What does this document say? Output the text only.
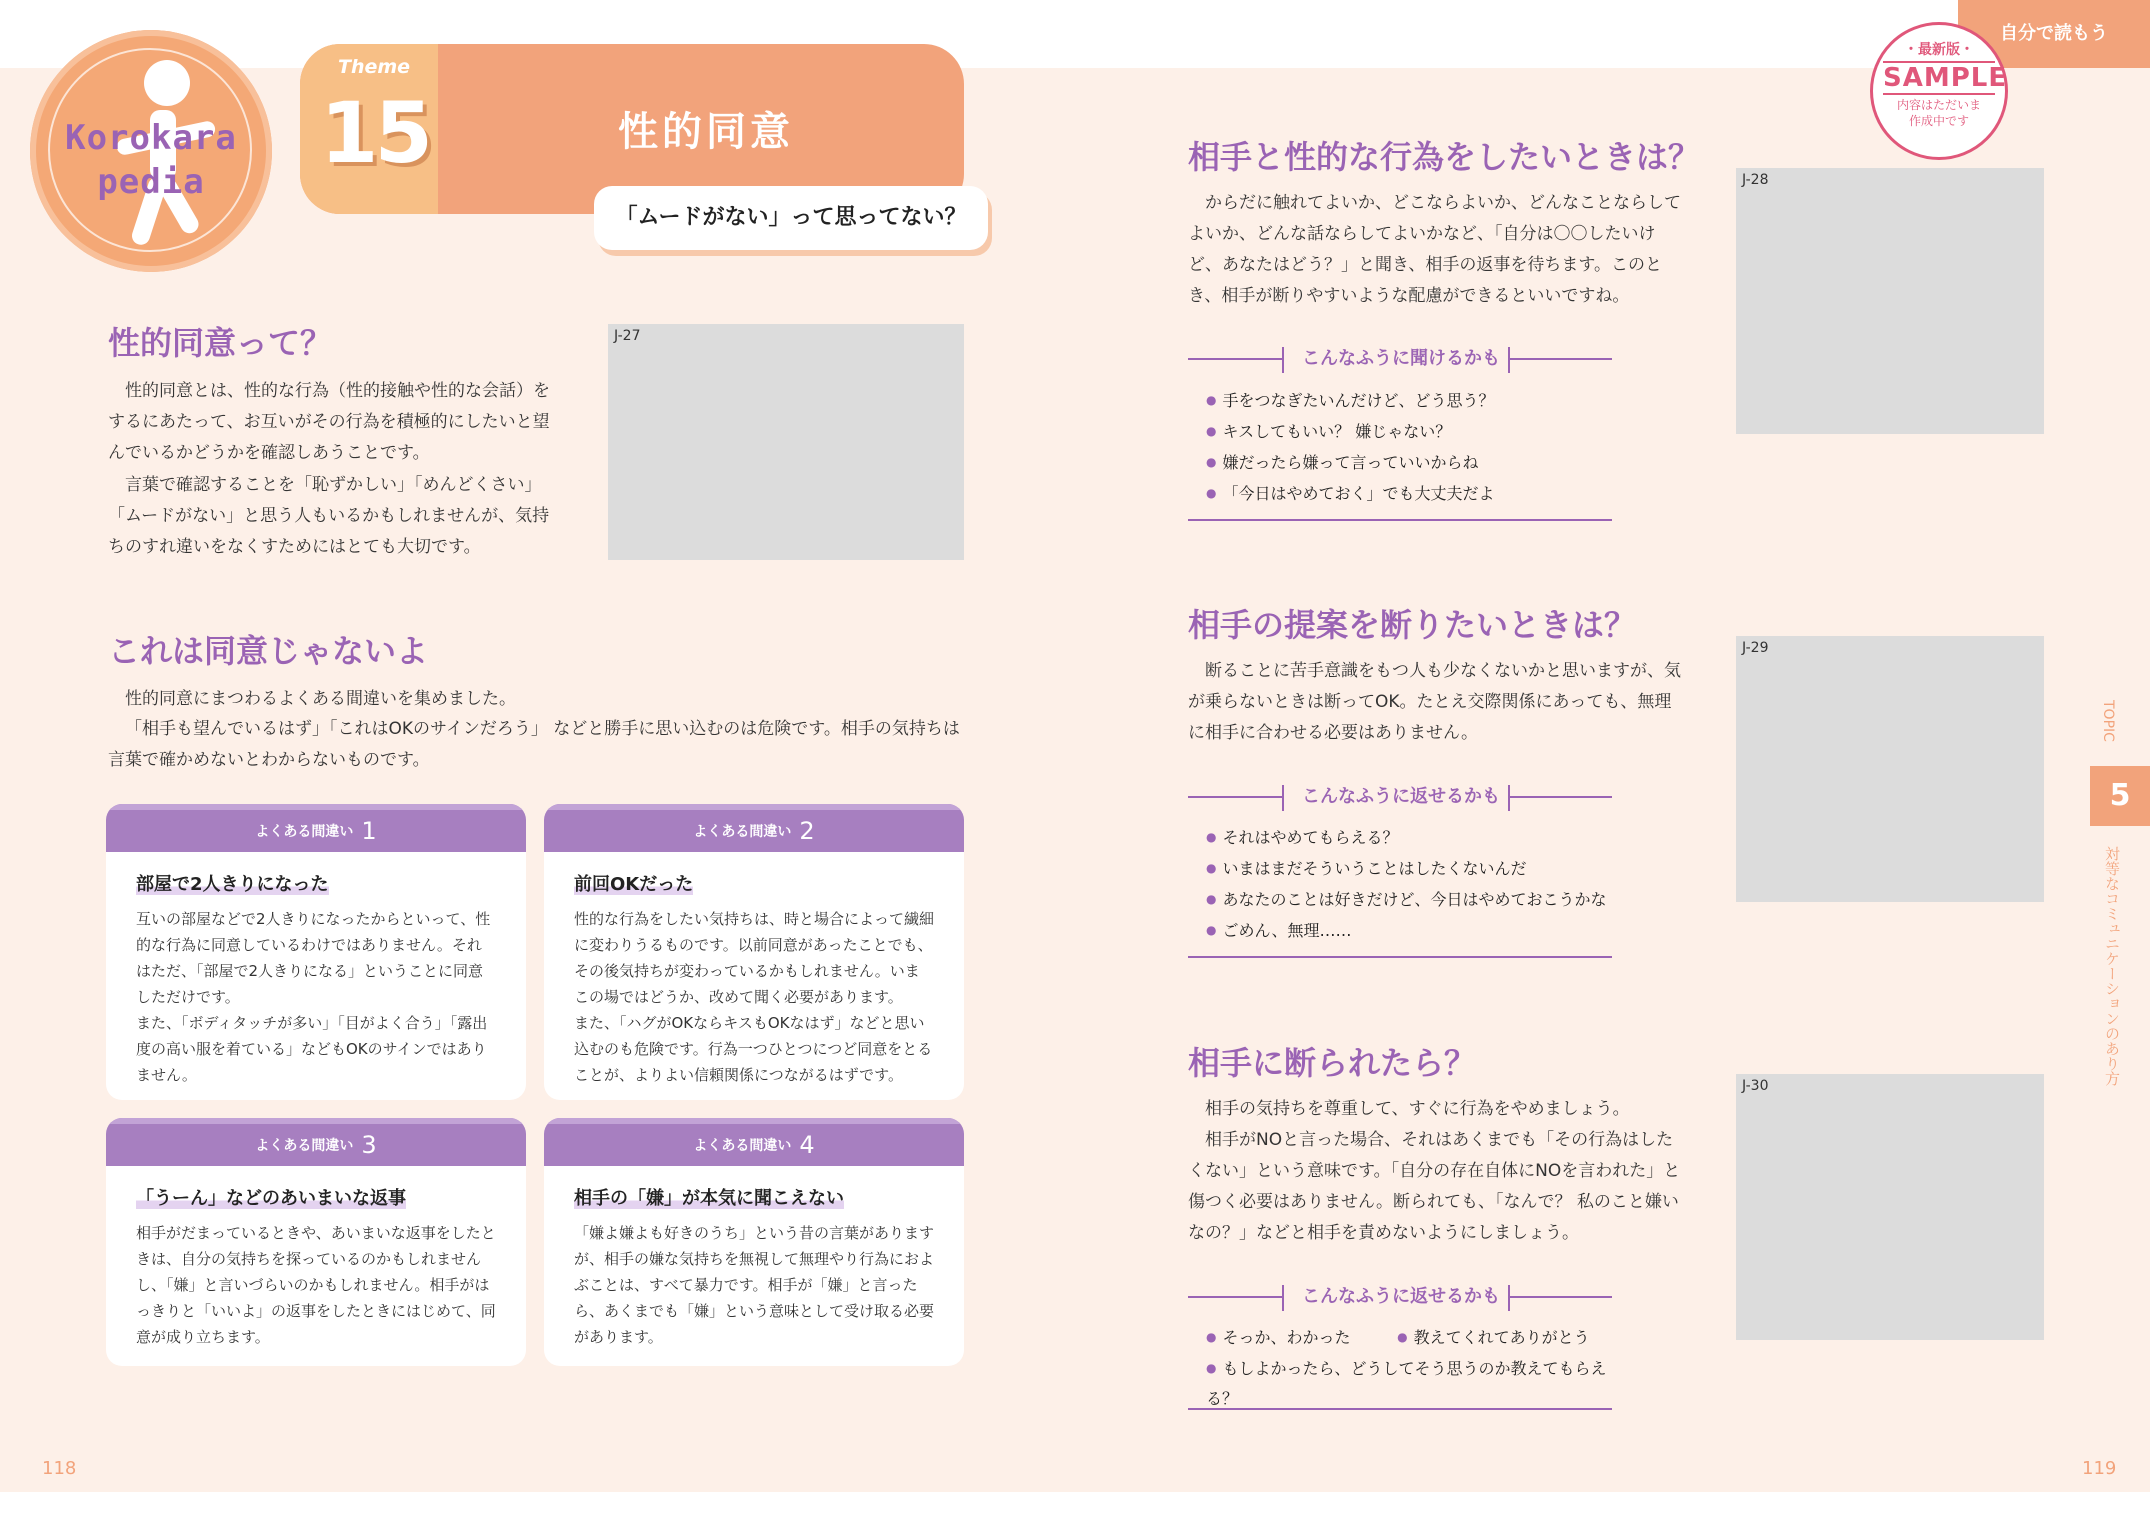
Korokara
pedia
Theme
15	性的同意
「ムードがない」って思ってない？
自分で読もう
・最新版・
SAMPLE
内容はただいま
作成中です
性的同意って？
性的同意とは、性的な行為（性的接触や性的な会話）をするにあたって、お互いがその行為を積極的にしたいと望んでいるかどうかを確認しあうことです。
言葉で確認することを「恥ずかしい」「めんどくさい」「ムードがない」と思う人もいるかもしれませんが、気持ちのすれ違いをなくすためにはとても大切です。
J-27
これは同意じゃないよ
性的同意にまつわるよくある間違いを集めました。
「相手も望んでいるはず」「これはOKのサインだろう」 などと勝手に思い込むのは危険です。相手の気持ちは言葉で確かめないとわからないものです。
よくある間違い 1
部屋で2人きりになった
互いの部屋などで2人きりになったからといって、性的な行為に同意しているわけではありません。それはただ、「部屋で2人きりになる」ということに同意しただけです。
また、「ボディタッチが多い」「目がよく合う」「露出度の高い服を着ている」などもOKのサインではありません。
よくある間違い 2
前回OKだった
性的な行為をしたい気持ちは、時と場合によって繊細に変わりうるものです。以前同意があったことでも、その後気持ちが変わっているかもしれません。いまこの場ではどうか、改めて聞く必要があります。
また、「ハグがOKならキスもOKなはず」などと思い込むのも危険です。行為一つひとつにつど同意をとることが、よりよい信頼関係につながるはずです。
よくある間違い 3
「うーん」などのあいまいな返事
相手がだまっているときや、あいまいな返事をしたときは、自分の気持ちを探っているのかもしれませんし、「嫌」と言いづらいのかもしれません。相手がはっきりと「いいよ」の返事をしたときにはじめて、同意が成り立ちます。
よくある間違い 4
相手の「嫌」が本気に聞こえない
「嫌よ嫌よも好きのうち」という昔の言葉がありますが、相手の嫌な気持ちを無視して無理やり行為におよぶことは、すべて暴力です。相手が「嫌」と言ったら、あくまでも「嫌」という意味として受け取る必要があります。
118
相手と性的な行為をしたいときは？
からだに触れてよいか、どこならよいか、どんなことならしてよいか、どんな話ならしてよいかなど、「自分は〇〇したいけど、あなたはどう？」と聞き、相手の返事を待ちます。このとき、相手が断りやすいような配慮ができるといいですね。
J-28
こんなふうに聞けるかも
● 手をつなぎたいんだけど、どう思う？
● キスしてもいい？ 嫌じゃない？
● 嫌だったら嫌って言っていいからね
● 「今日はやめておく」でも大丈夫だよ
相手の提案を断りたいときは？
断ることに苦手意識をもつ人も少なくないかと思いますが、気が乗らないときは断ってOK。たとえ交際関係にあっても、無理に相手に合わせる必要はありません。
J-29
こんなふうに返せるかも
● それはやめてもらえる？
● いまはまだそういうことはしたくないんだ
● あなたのことは好きだけど、今日はやめておこうかな
● ごめん、無理……
相手に断られたら？
相手の気持ちを尊重して、すぐに行為をやめましょう。
相手がNOと言った場合、それはあくまでも「その行為はしたくない」という意味です。「自分の存在自体にNOを言われた」と傷つく必要はありません。断られても、「なんで？ 私のこと嫌いなの？」などと相手を責めないようにしましょう。
J-30
こんなふうに返せるかも
● そっか、わかった ●	教えてくれてありがとう
● もしよかったら、どうしてそう思うのか教えてもらえる？
TOPIC
5
対等なコミュニケーションのあり方
119
